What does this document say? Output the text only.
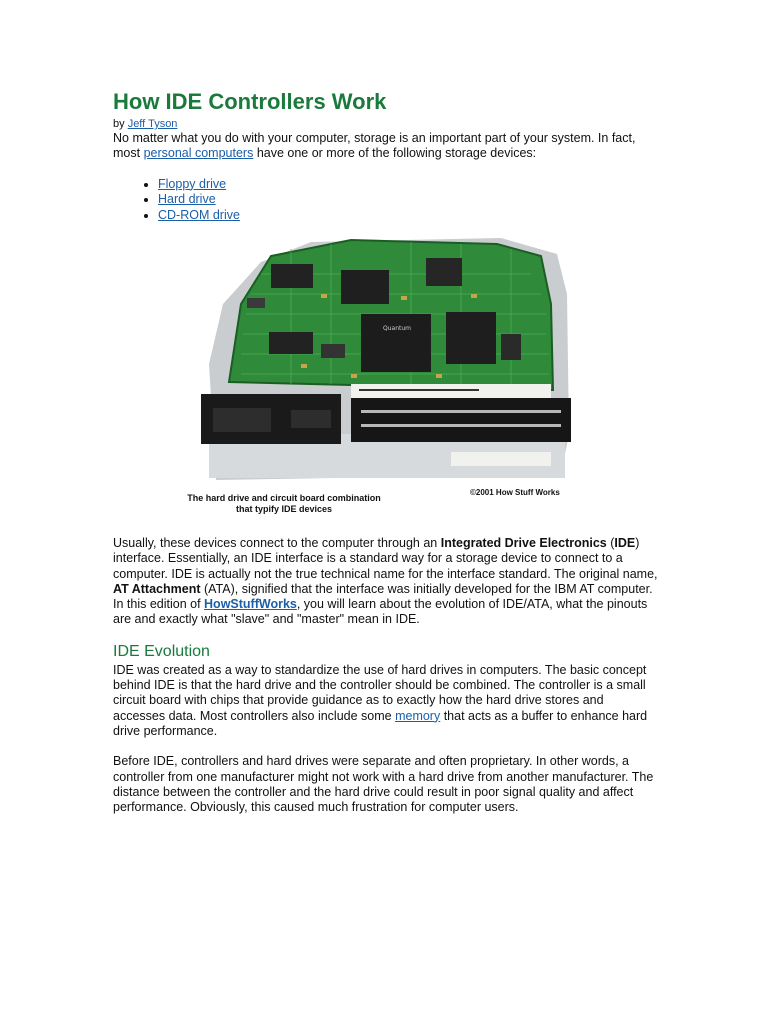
How IDE Controllers Work
by Jeff Tyson

No matter what you do with your computer, storage is an important part of your system. In fact, most personal computers have one or more of the following storage devices:

• Floppy drive
• Hard drive
• CD-ROM drive
Quantum
©2001 How Stuff Works
The hard drive and circuit board combination
that typify IDE devices

Usually, these devices connect to the computer through an Integrated Drive Electronics (IDE) interface. Essentially, an IDE interface is a standard way for a storage device to connect to a computer. IDE is actually not the true technical name for the interface standard. The original name, AT Attachment (ATA), signified that the interface was initially developed for the IBM AT computer. In this edition of HowStuffWorks, you will learn about the evolution of IDE/ATA, what the pinouts are and exactly what "slave" and "master" mean in IDE.

IDE Evolution

IDE was created as a way to standardize the use of hard drives in computers. The basic concept behind IDE is that the hard drive and the controller should be combined. The controller is a small circuit board with chips that provide guidance as to exactly how the hard drive stores and accesses data. Most controllers also include some memory that acts as a buffer to enhance hard drive performance.

Before IDE, controllers and hard drives were separate and often proprietary. In other words, a controller from one manufacturer might not work with a hard drive from another manufacturer. The distance between the controller and the hard drive could result in poor signal quality and affect performance. Obviously, this caused much frustration for computer users.
